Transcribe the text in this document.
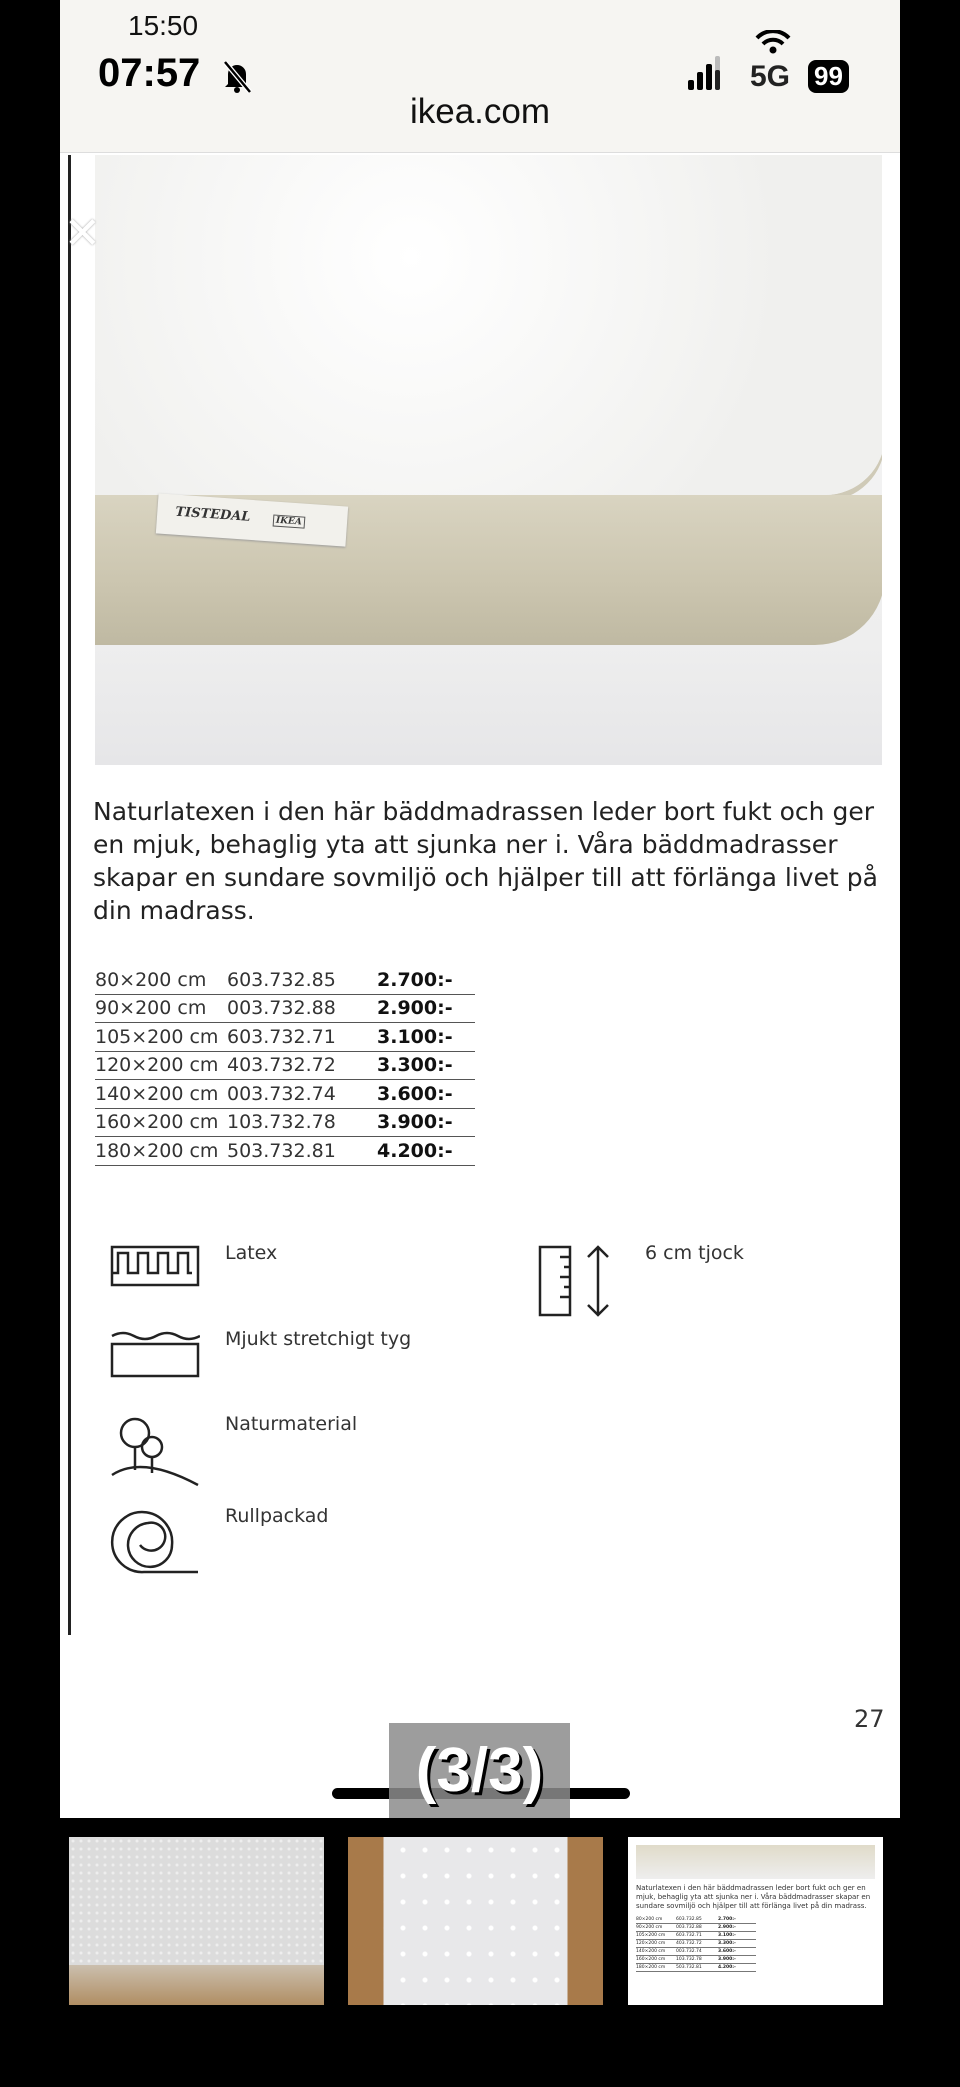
15:50
07:57	5G 99
ikea.com
TISTEDAL	IKEA
✕
Naturlatexen i den här bäddmadrassen leder bort fukt och ger en mjuk, behaglig yta att sjunka ner i. Våra bäddmadrasser skapar en sundare sovmiljö och hjälper till att förlänga livet på din madrass.
80×200 cm	603.732.85	2.700:-
90×200 cm	003.732.88	2.900:-
105×200 cm 603.732.71	3.100:-
120×200 cm 403.732.72	3.300:-
140×200 cm 003.732.74	3.600:-
160×200 cm 103.732.78	3.900:-
180×200 cm 503.732.81	4.200:-
Latex
Mjukt stretchigt tyg
Naturmaterial
Rullpackad
6 cm tjock
27
(3/3)

Naturlatexen i den här bäddmadrassen leder bort fukt och ger en mjuk, behaglig yta att sjunka ner i. Våra bäddmadrasser skapar en sundare sovmiljö och hjälper till att förlänga livet på din madrass.

80×200 cm	603.732.85	2.700:-
90×200 cm	003.732.88	2.900:-
105×200 cm	603.732.71	3.100:-
120×200 cm	403.732.72	3.300:-
140×200 cm	003.732.74	3.600:-
160×200 cm	103.732.78	3.900:-
180×200 cm	503.732.81	4.200:-
